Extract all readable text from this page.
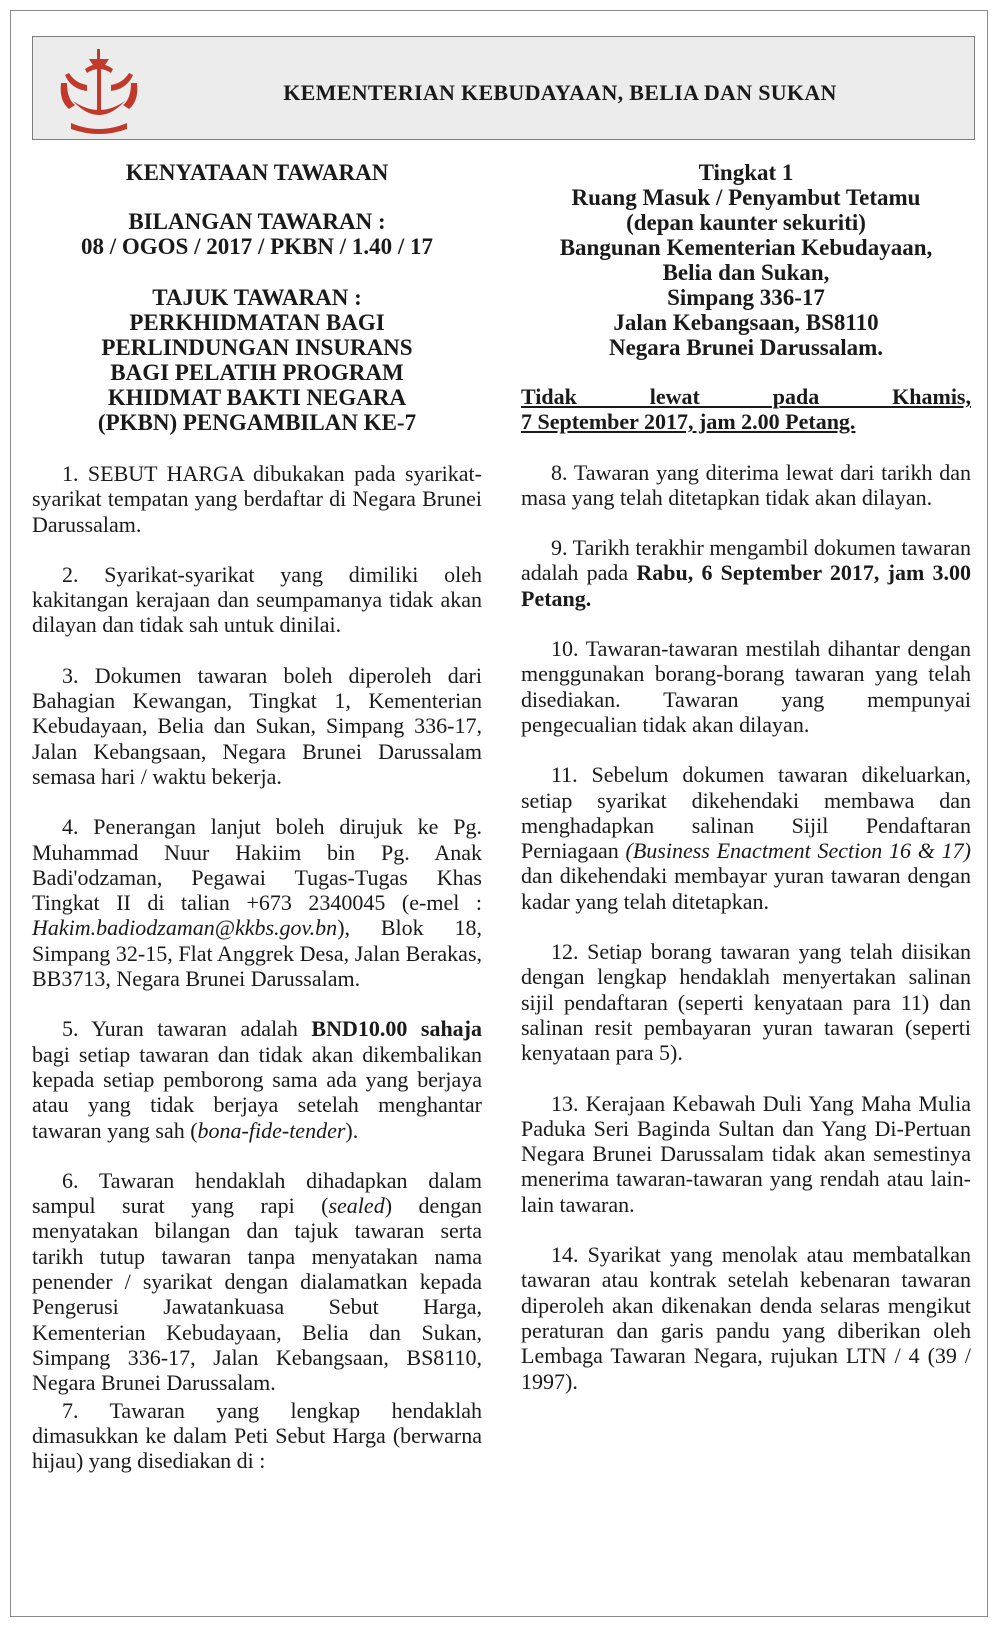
KEMENTERIAN KEBUDAYAAN, BELIA DAN SUKAN
KENYATAAN TAWARAN
BILANGAN TAWARAN :
08 / OGOS / 2017 / PKBN / 1.40 / 17
TAJUK TAWARAN :
PERKHIDMATAN BAGI
PERLINDUNGAN INSURANS
BAGI PELATIH PROGRAM
KHIDMAT BAKTI NEGARA
(PKBN) PENGAMBILAN KE-7

1. SEBUT HARGA dibukakan pada syarikat-syarikat tempatan yang berdaftar di Negara Brunei Darussalam.

2. Syarikat-syarikat yang dimiliki oleh kakitangan kerajaan dan seumpamanya tidak akan dilayan dan tidak sah untuk dinilai.

3. Dokumen tawaran boleh diperoleh dari Bahagian Kewangan, Tingkat 1, Kementerian Kebudayaan, Belia dan Sukan, Simpang 336-17, Jalan Kebangsaan, Negara Brunei Darussalam semasa hari / waktu bekerja.

4. Penerangan lanjut boleh dirujuk ke Pg. Muhammad Nuur Hakiim bin Pg. Anak Badi'odzaman, Pegawai Tugas-Tugas Khas Tingkat II di talian +673 2340045 (e-mel : Hakim.badiodzaman@kkbs.gov.bn), Blok 18, Simpang 32-15, Flat Anggrek Desa, Jalan Berakas, BB3713, Negara Brunei Darussalam.

5. Yuran tawaran adalah BND10.00 sahaja bagi setiap tawaran dan tidak akan dikembalikan kepada setiap pemborong sama ada yang berjaya atau yang tidak berjaya setelah menghantar tawaran yang sah (bona-fide-tender).

6. Tawaran hendaklah dihadapkan dalam sampul surat yang rapi (sealed) dengan menyatakan bilangan dan tajuk tawaran serta tarikh tutup tawaran tanpa menyatakan nama penender / syarikat dengan dialamatkan kepada Pengerusi Jawatankuasa Sebut Harga, Kementerian Kebudayaan, Belia dan Sukan, Simpang 336-17, Jalan Kebangsaan, BS8110, Negara Brunei Darussalam.

7. Tawaran yang lengkap hendaklah dimasukkan ke dalam Peti Sebut Harga (berwarna hijau) yang disediakan di :

Tingkat 1
Ruang Masuk / Penyambut Tetamu
(depan kaunter sekuriti)
Bangunan Kementerian Kebudayaan,
Belia dan Sukan,
Simpang 336-17
Jalan Kebangsaan, BS8110
Negara Brunei Darussalam.
Tidak lewat pada Khamis,
7 September 2017, jam 2.00 Petang.

8. Tawaran yang diterima lewat dari tarikh dan masa yang telah ditetapkan tidak akan dilayan.

9. Tarikh terakhir mengambil dokumen tawaran adalah pada Rabu, 6 September 2017, jam 3.00 Petang.

10. Tawaran-tawaran mestilah dihantar dengan menggunakan borang-borang tawaran yang telah disediakan. Tawaran yang mempunyai pengecualian tidak akan dilayan.

11. Sebelum dokumen tawaran dikeluarkan, setiap syarikat dikehendaki membawa dan menghadapkan salinan Sijil Pendaftaran Perniagaan (Business Enactment Section 16 & 17) dan dikehendaki membayar yuran tawaran dengan kadar yang telah ditetapkan.

12. Setiap borang tawaran yang telah diisikan dengan lengkap hendaklah menyertakan salinan sijil pendaftaran (seperti kenyataan para 11) dan salinan resit pembayaran yuran tawaran (seperti kenyataan para 5).

13. Kerajaan Kebawah Duli Yang Maha Mulia Paduka Seri Baginda Sultan dan Yang Di-Pertuan Negara Brunei Darussalam tidak akan semestinya menerima tawaran-tawaran yang rendah atau lain-lain tawaran.

14. Syarikat yang menolak atau membatalkan tawaran atau kontrak setelah kebenaran tawaran diperoleh akan dikenakan denda selaras mengikut peraturan dan garis pandu yang diberikan oleh Lembaga Tawaran Negara, rujukan LTN / 4 (39 / 1997).
